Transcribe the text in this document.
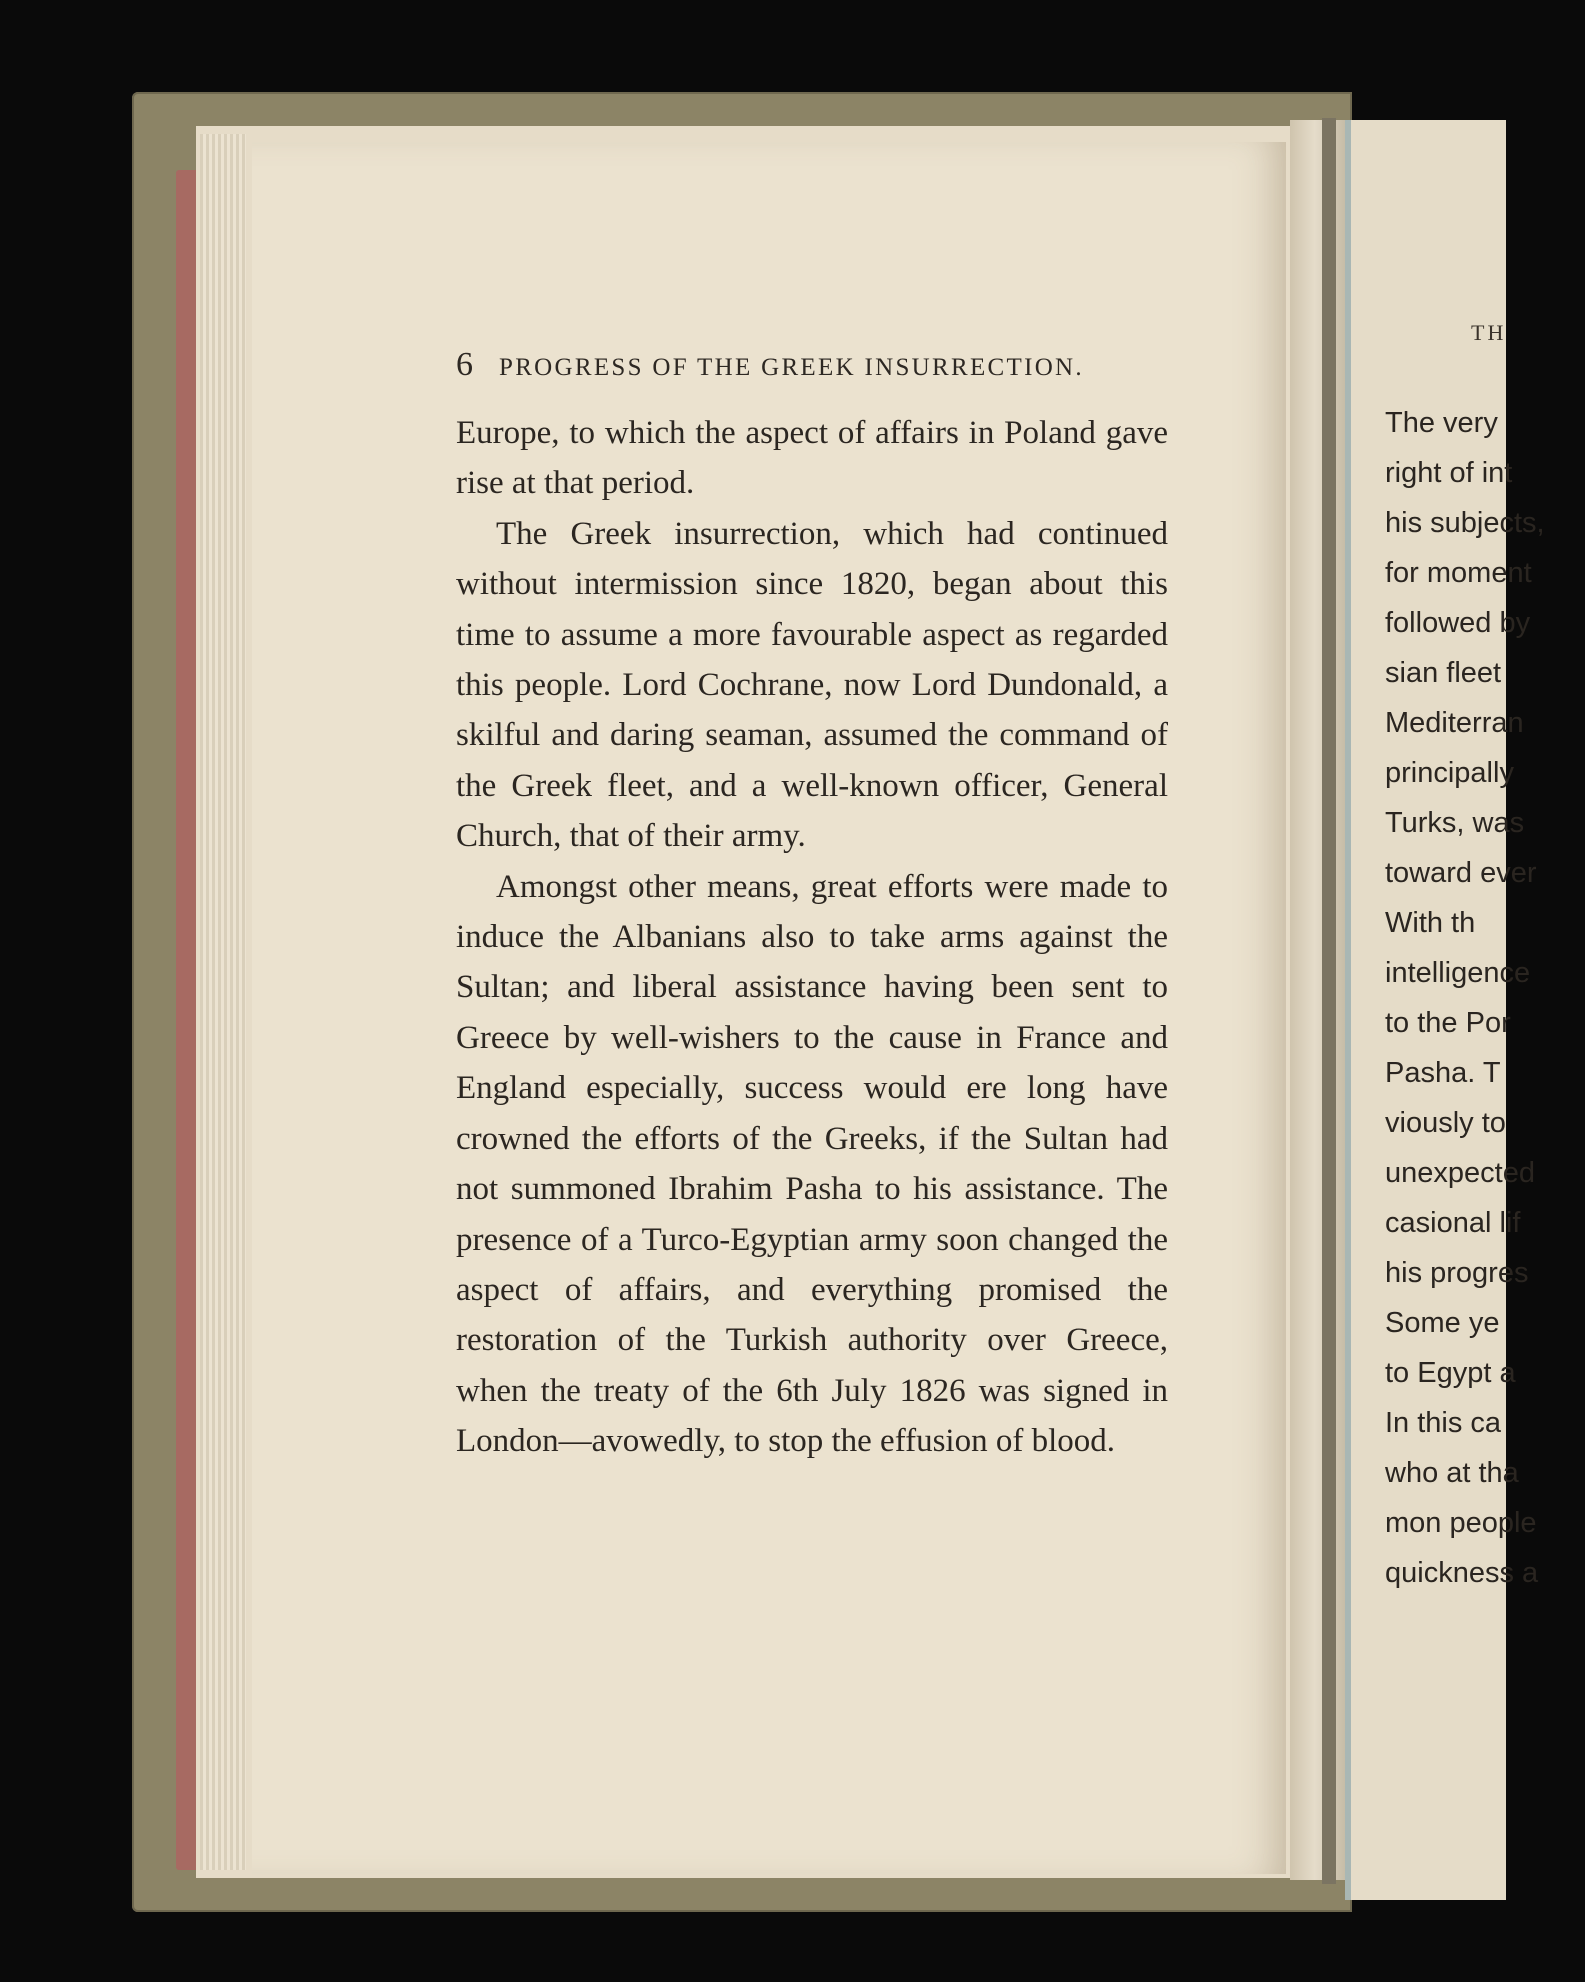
6 PROGRESS OF THE GREEK INSURRECTION.

Europe, to which the aspect of affairs in Poland gave rise at that period.

The Greek insurrection, which had continued without intermission since 1820, began about this time to assume a more favourable aspect as regarded this people. Lord Cochrane, now Lord Dundonald, a skilful and daring seaman, assumed the command of the Greek fleet, and a well-known officer, General Church, that of their army.

Amongst other means, great efforts were made to induce the Albanians also to take arms against the Sultan; and liberal assistance having been sent to Greece by well-wishers to the cause in France and England especially, success would ere long have crowned the efforts of the Greeks, if the Sultan had not summoned Ibrahim Pasha to his assistance. The presence of a Turco-Egyptian army soon changed the aspect of affairs, and everything promised the restoration of the Turkish authority over Greece, when the treaty of the 6th July 1826 was signed in London—avowedly, to stop the effusion of blood.

TH
The very
right of int
his subjects,
for moment
followed by
sian fleet
Mediterran
principally
Turks, was
toward ever
With th
intelligence
to the Por
Pasha. T
viously to
unexpected
casional lif
his progres
Some ye
to Egypt a
In this ca
who at tha
mon people
quickness a
